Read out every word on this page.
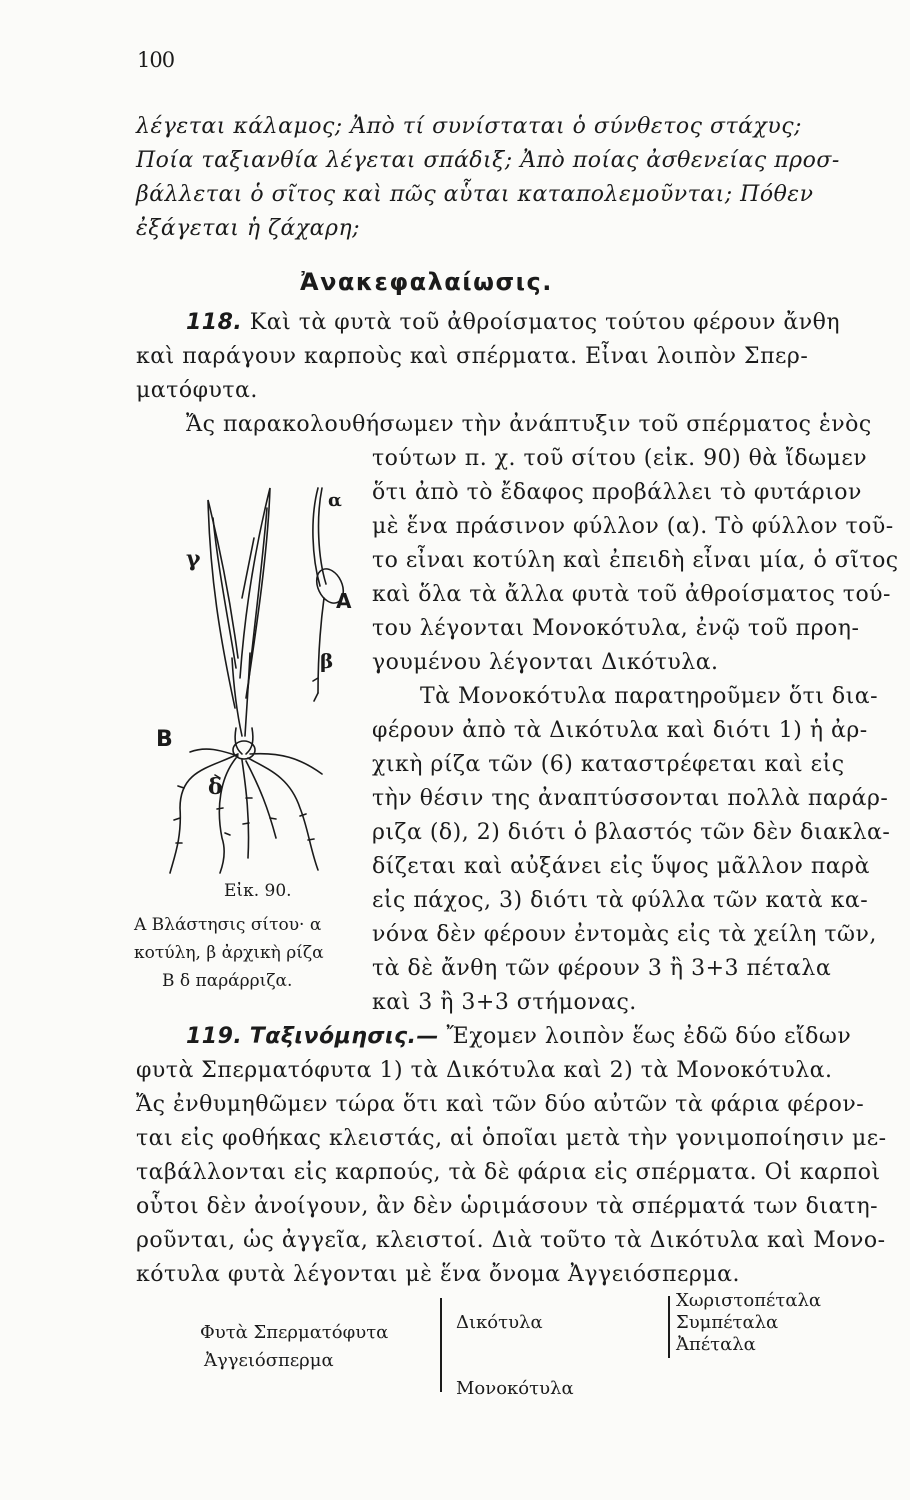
100
λέγεται κάλαμος; Ἀπὸ τί συνίσταται ὁ σύνθετος στάχυς;
Ποία ταξιανθία λέγεται σπάδιξ; Ἀπὸ ποίας ἀσθενείας προσ-
βάλλεται ὁ σῖτος καὶ πῶς αὗται καταπολεμοῦνται; Πόθεν
ἐξάγεται ἡ ζάχαρη;
Ἀνακεφαλαίωσις.
118. Καὶ τὰ φυτὰ τοῦ ἀθροίσματος τούτου φέρουν ἄνθη
καὶ παράγουν καρποὺς καὶ σπέρματα. Εἶναι λοιπὸν Σπερ-
ματόφυτα.
Ἄς παρακολουθήσωμεν τὴν ἀνάπτυξιν τοῦ σπέρματος ἑνὸς
τούτων π. χ. τοῦ σίτου (εἰκ. 90) θὰ ἴδωμεν
ὅτι ἀπὸ τὸ ἔδαφος προβάλλει τὸ φυτάριον
μὲ ἕνα πράσινον φύλλον (α). Τὸ φύλλον τοῦ-
το εἶναι κοτύλη καὶ ἐπειδὴ εἶναι μία, ὁ σῖτος
καὶ ὅλα τὰ ἄλλα φυτὰ τοῦ ἀθροίσματος τού-
του λέγονται Μονοκότυλα, ἐνῷ τοῦ προη-
γουμένου λέγονται Δικότυλα.
Τὰ Μονοκότυλα παρατηροῦμεν ὅτι δια-
φέρουν ἀπὸ τὰ Δικότυλα καὶ διότι 1) ἡ ἀρ-
χικὴ ρίζα τῶν (6) καταστρέφεται καὶ εἰς
τὴν θέσιν της ἀναπτύσσονται πολλὰ παράρ-
ριζα (δ), 2) διότι ὁ βλαστός τῶν δὲν διακλα-
δίζεται καὶ αὐξάνει εἰς ὕψος μᾶλλον παρὰ
εἰς πάχος, 3) διότι τὰ φύλλα τῶν κατὰ κα-
νόνα δὲν φέρουν ἐντομὰς εἰς τὰ χείλη τῶν,
τὰ δὲ ἄνθη τῶν φέρουν 3 ἢ 3+3 πέταλα
καὶ 3 ἢ 3+3 στήμονας.
γ
α
A
β
B
δ
Εἰκ. 90.
Α Βλάστησις σίτου· α
κοτύλη, β ἀρχικὴ ρίζα
Β δ παράρριζα.
119. Ταξινόμησις.— Ἔχομεν λοιπὸν ἕως ἐδῶ δύο εἴδων
φυτὰ Σπερματόφυτα 1) τὰ Δικότυλα καὶ 2) τὰ Μονοκότυλα.
Ἄς ἐνθυμηθῶμεν τώρα ὅτι καὶ τῶν δύο αὐτῶν τὰ φάρια φέρον-
ται εἰς φοθήκας κλειστάς, αἱ ὁποῖαι μετὰ τὴν γονιμοποίησιν με-
ταβάλλονται εἰς καρπούς, τὰ δὲ φάρια εἰς σπέρματα. Οἱ καρποὶ
οὗτοι δὲν ἀνοίγουν, ἂν δὲν ὡριμάσουν τὰ σπέρματά των διατη-
ροῦνται, ὡς ἀγγεῖα, κλειστοί. Διὰ τοῦτο τὰ Δικότυλα καὶ Μονο-
κότυλα φυτὰ λέγονται μὲ ἕνα ὄνομα Ἀγγειόσπερμα.
Φυτὰ Σπερματόφυτα
Ἀγγειόσπερμα
Δικότυλα
Μονοκότυλα
Χωριστοπέταλα
Συμπέταλα
Ἀπέταλα
